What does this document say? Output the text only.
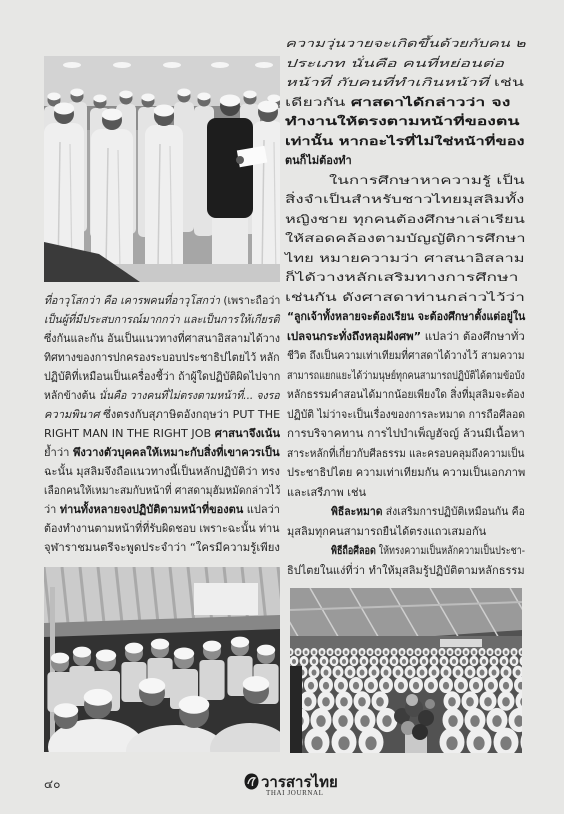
ความวุ่นวายจะเกิดขึ้นด้วยกับคน ๒
ประเภท นั่นคือ คนที่หย่อนต่อ
หน้าที่ กับคนที่ทำเกินหน้าที่ เช่น
เดียวกัน ศาสดาได้กล่าวว่า จง
ทำงานให้ตรงตามหน้าที่ของตน
เท่านั้น หากอะไรที่ไม่ใช่หน้าที่ของ
ตนก็ไม่ต้องทำ
ในการศึกษาหาความรู้ เป็น
สิ่งจำเป็นสำหรับชาวไทยมุสลิมทั้ง
หญิงชาย ทุกคนต้องศึกษาเล่าเรียน
ให้สอดคล้องตามบัญญัติการศึกษา
ไทย หมายความว่า ศาสนาอิสลาม
ก็ได้วางหลักเสริมทางการศึกษา
เช่นกัน ดังศาสดาท่านกล่าวไว้ว่า
ที่อาวุโสกว่า คือ เคารพคนที่อาวุโสกว่า (เพราะถือว่า
เป็นผู้ที่มีประสบการณ์มากกว่า และเป็นการให้เกียรติ
ซึ่งกันและกัน อันเป็นแนวทางที่ศาสนาอิสลามได้วาง
ทิศทางของการปกครองระบอบประชาธิปไตยไว้ หลัก
ปฏิบัติที่เหมือนเป็นเครื่องชี้ว่า ถ้าผู้ใดปฏิบัติผิดไปจาก
หลักข้างต้น นั่นคือ วางคนที่ไม่ตรงตามหน้าที่... จงรอ
ความพินาศ ซึ่งตรงกับสุภาษิตอังกฤษว่า PUT THE
RIGHT MAN IN THE RIGHT JOB ศาสนาจึงเน้น
ย้ำว่า พึงวางตัวบุคคลให้เหมาะกับสิ่งที่เขาควรเป็น
ฉะนั้น มุสลิมจึงถือแนวทางนี้เป็นหลักปฏิบัติว่า ทรง
เลือกคนให้เหมาะสมกับหน้าที่ ศาสดามุฮัมหมัดกล่าวไว้
ว่า ท่านทั้งหลายจงปฏิบัติตามหน้าที่ของตน แปลว่า
ต้องทำงานตามหน้าที่ที่รับผิดชอบ เพราะฉะนั้น ท่าน
จุฬาราชมนตรีจะพูดประจำว่า “ใครมีความรู้เพียง
“ลูกเจ้าทั้งหลายจะต้องเรียน จะต้องศึกษาตั้งแต่อยู่ใน
เปลจนกระทั่งถึงหลุมฝังศพ” แปลว่า ต้องศึกษาทั่ว
ชีวิต ถึงเป็นความเท่าเทียมที่ศาสดาได้วางไว้ สามความ
สามารถแยกแยะได้ว่ามนุษย์ทุกคนสามารถปฏิบัติได้ตามข้อบัง
หลักธรรมคำสอนได้มากน้อยเพียงใด สิ่งที่มุสลิมจะต้อง
ปฏิบัติ ไม่ว่าจะเป็นเรื่องของการละหมาด การถือศีลอด
การบริจาคทาน การไปบำเพ็ญฮัจญ์ ล้วนมีเนื้อหา
สาระหลักที่เกี่ยวกับศีลธรรม และครอบคลุมถึงความเป็น
ประชาธิปไตย ความเท่าเทียมกัน ความเป็นเอกภาพ
และเสรีภาพ เช่น
พิธีละหมาด ส่งเสริมการปฏิบัติเหมือนกัน คือ
มุสลิมทุกคนสามารถยืนได้ตรงแถวเสมอกัน
พิธีถือศีลอด ให้ทรงความเป็นหลักความเป็นประชา-
ธิปไตยในแง่ที่ว่า ทำให้มุสลิมรู้ปฏิบัติตามหลักธรรม
๔๐	วารสารไทย
THAI JOURNAL
